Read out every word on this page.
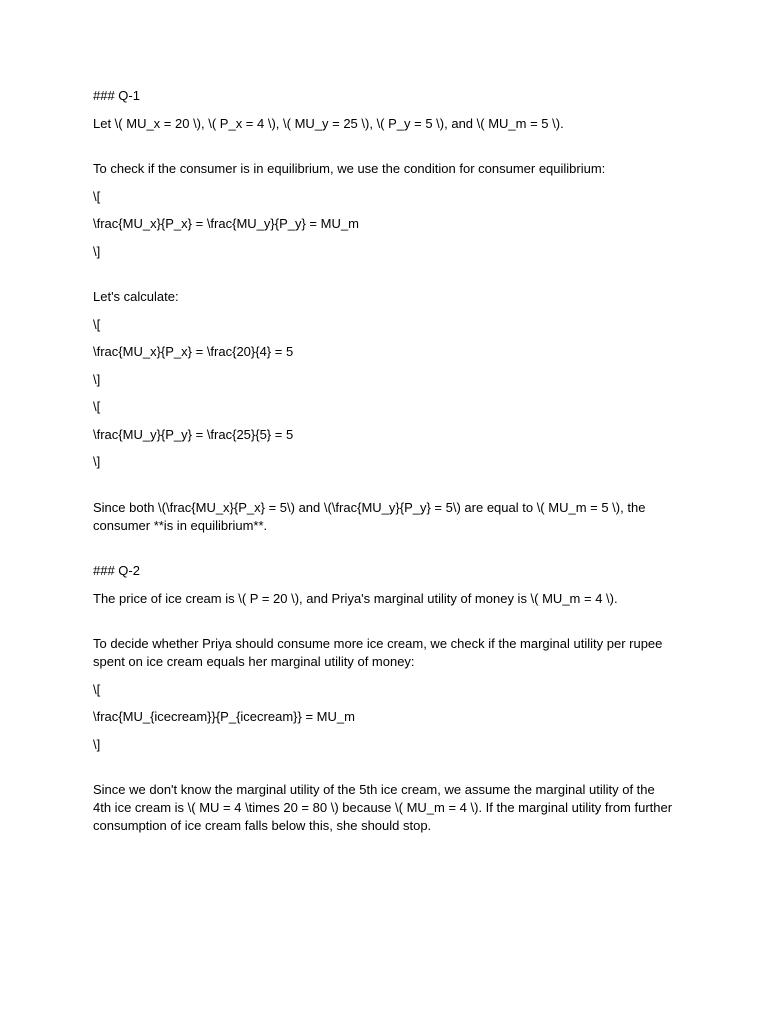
### Q-1
Let \( MU_x = 20 \), \( P_x = 4 \), \( MU_y = 25 \), \( P_y = 5 \), and \( MU_m = 5 \).
To check if the consumer is in equilibrium, we use the condition for consumer equilibrium:
\[
\frac{MU_x}{P_x} = \frac{MU_y}{P_y} = MU_m
\]
Let's calculate:
\[
\frac{MU_x}{P_x} = \frac{20}{4} = 5
\]
\[
\frac{MU_y}{P_y} = \frac{25}{5} = 5
\]
Since both \(\frac{MU_x}{P_x} = 5\) and \(\frac{MU_y}{P_y} = 5\) are equal to \( MU_m = 5 \), the consumer **is in equilibrium**.
### Q-2
The price of ice cream is \( P = 20 \), and Priya's marginal utility of money is \( MU_m = 4 \).
To decide whether Priya should consume more ice cream, we check if the marginal utility per rupee spent on ice cream equals her marginal utility of money:
\[
\frac{MU_{icecream}}{P_{icecream}} = MU_m
\]
Since we don't know the marginal utility of the 5th ice cream, we assume the marginal utility of the 4th ice cream is \( MU = 4 \times 20 = 80 \) because \( MU_m = 4 \). If the marginal utility from further consumption of ice cream falls below this, she should stop.
